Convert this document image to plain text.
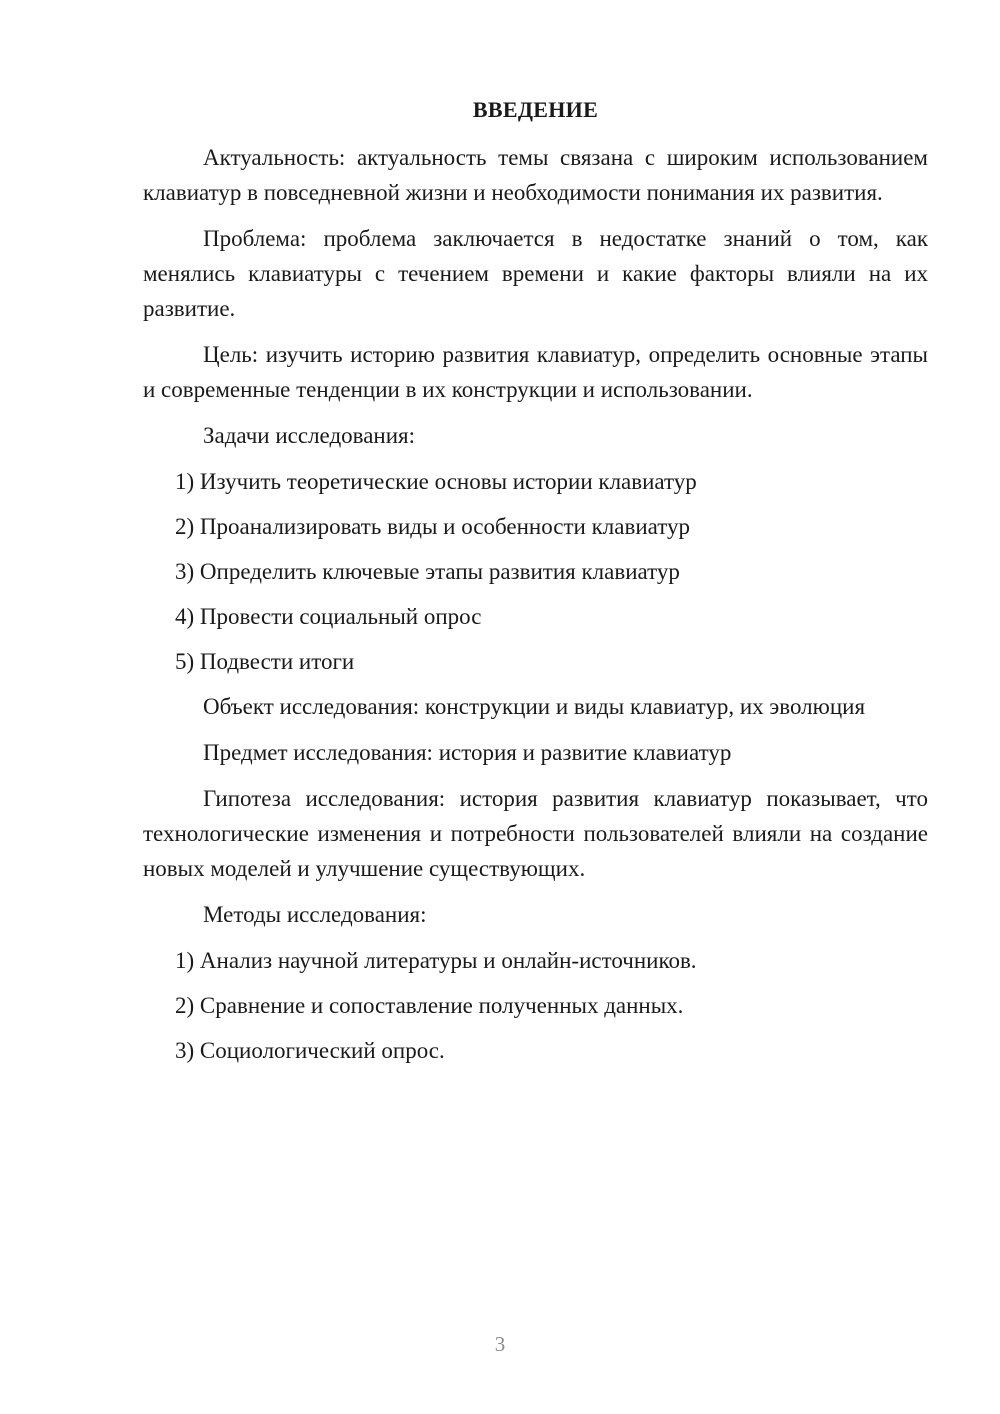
ВВЕДЕНИЕ

Актуальность: актуальность темы связана с широким использованием клавиатур в повседневной жизни и необходимости понимания их развития.

Проблема: проблема заключается в недостатке знаний о том, как менялись клавиатуры с течением времени и какие факторы влияли на их развитие.

Цель: изучить историю развития клавиатур, определить основные этапы и современные тенденции в их конструкции и использовании.

Задачи исследования:
1) Изучить теоретические основы истории клавиатур
2) Проанализировать виды и особенности клавиатур
3) Определить ключевые этапы развития клавиатур
4) Провести социальный опрос
5) Подвести итоги
Объект исследования: конструкции и виды клавиатур, их эволюция
Предмет исследования: история и развитие клавиатур

Гипотеза исследования: история развития клавиатур показывает, что технологические изменения и потребности пользователей влияли на создание новых моделей и улучшение существующих.

Методы исследования:
1) Анализ научной литературы и онлайн-источников.
2) Сравнение и сопоставление полученных данных.
3) Социологический опрос.
3
